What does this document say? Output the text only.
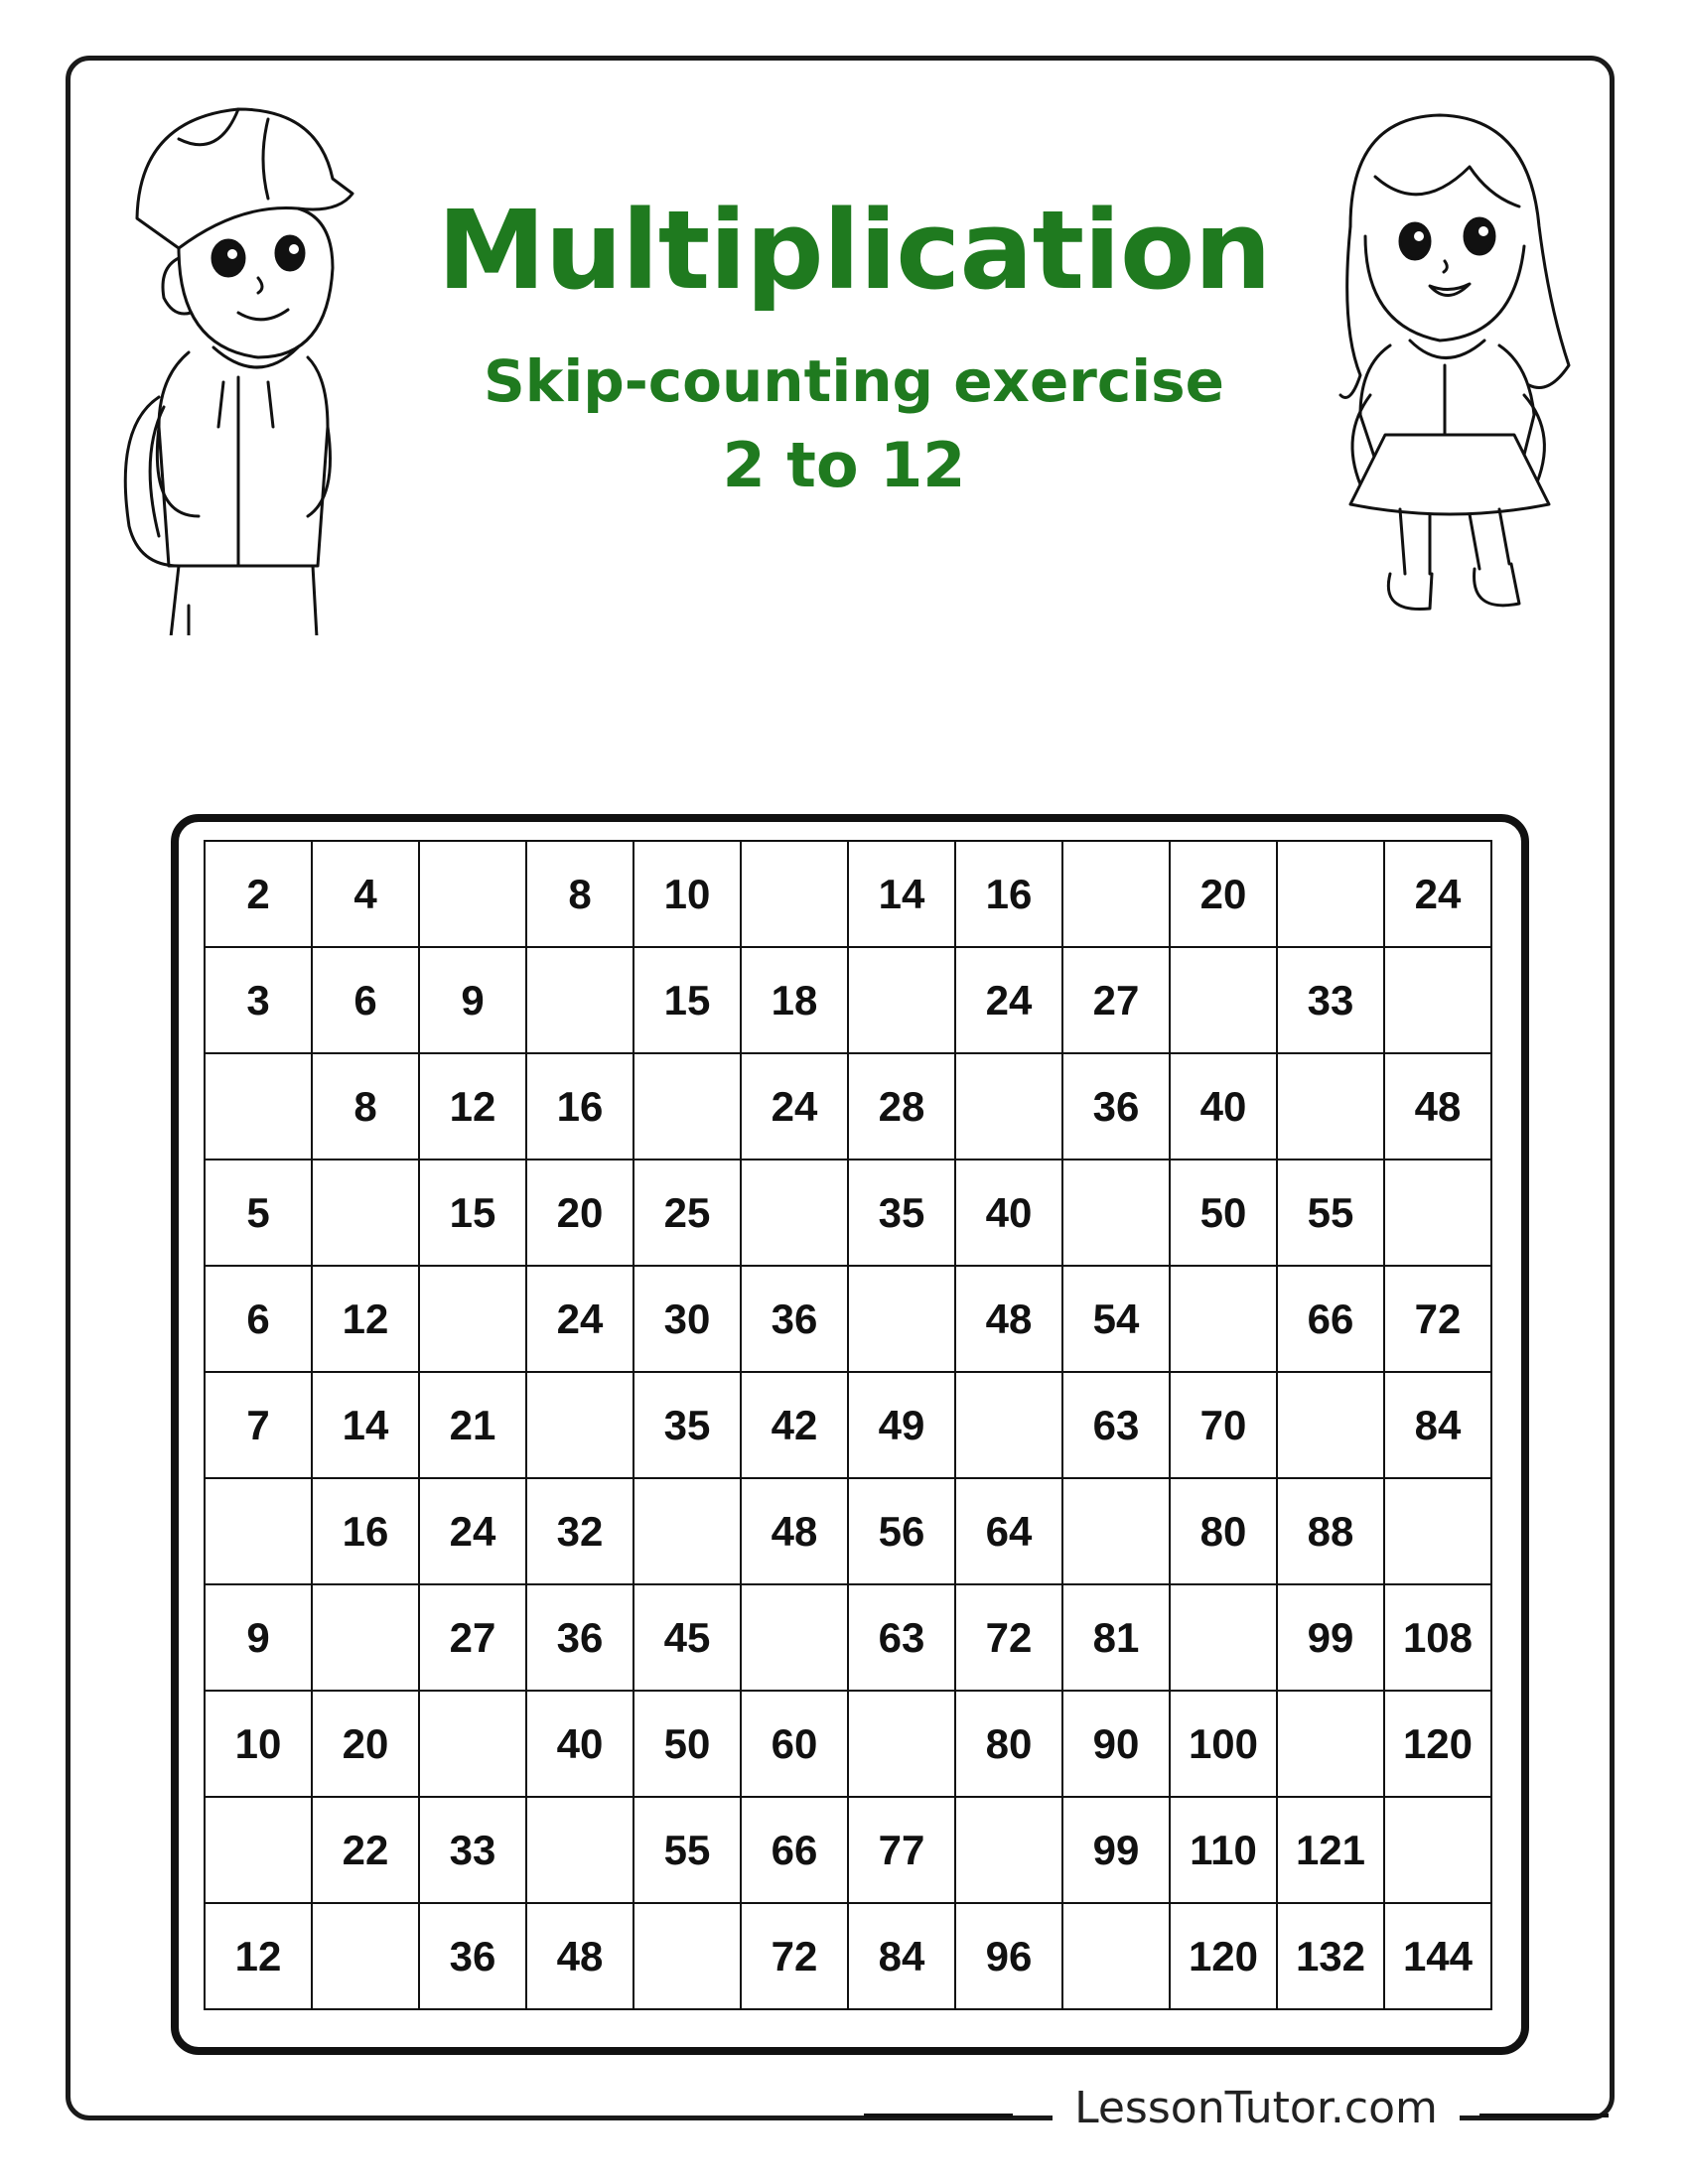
Multiplication
Skip-counting exercise
2 to 12
2	4		8	10		14	16		20		24
3	6	9		15	18		24	27		33	
	8	12	16		24	28		36	40		48
5		15	20	25		35	40		50	55	
6	12		24	30	36		48	54		66	72
7	14	21		35	42	49		63	70		84
	16	24	32		48	56	64		80	88	
9		27	36	45		63	72	81		99	108
10	20		40	50	60		80	90	100		120
	22	33		55	66	77		99	110	121	
12		36	48		72	84	96		120	132	144
LessonTutor.com
